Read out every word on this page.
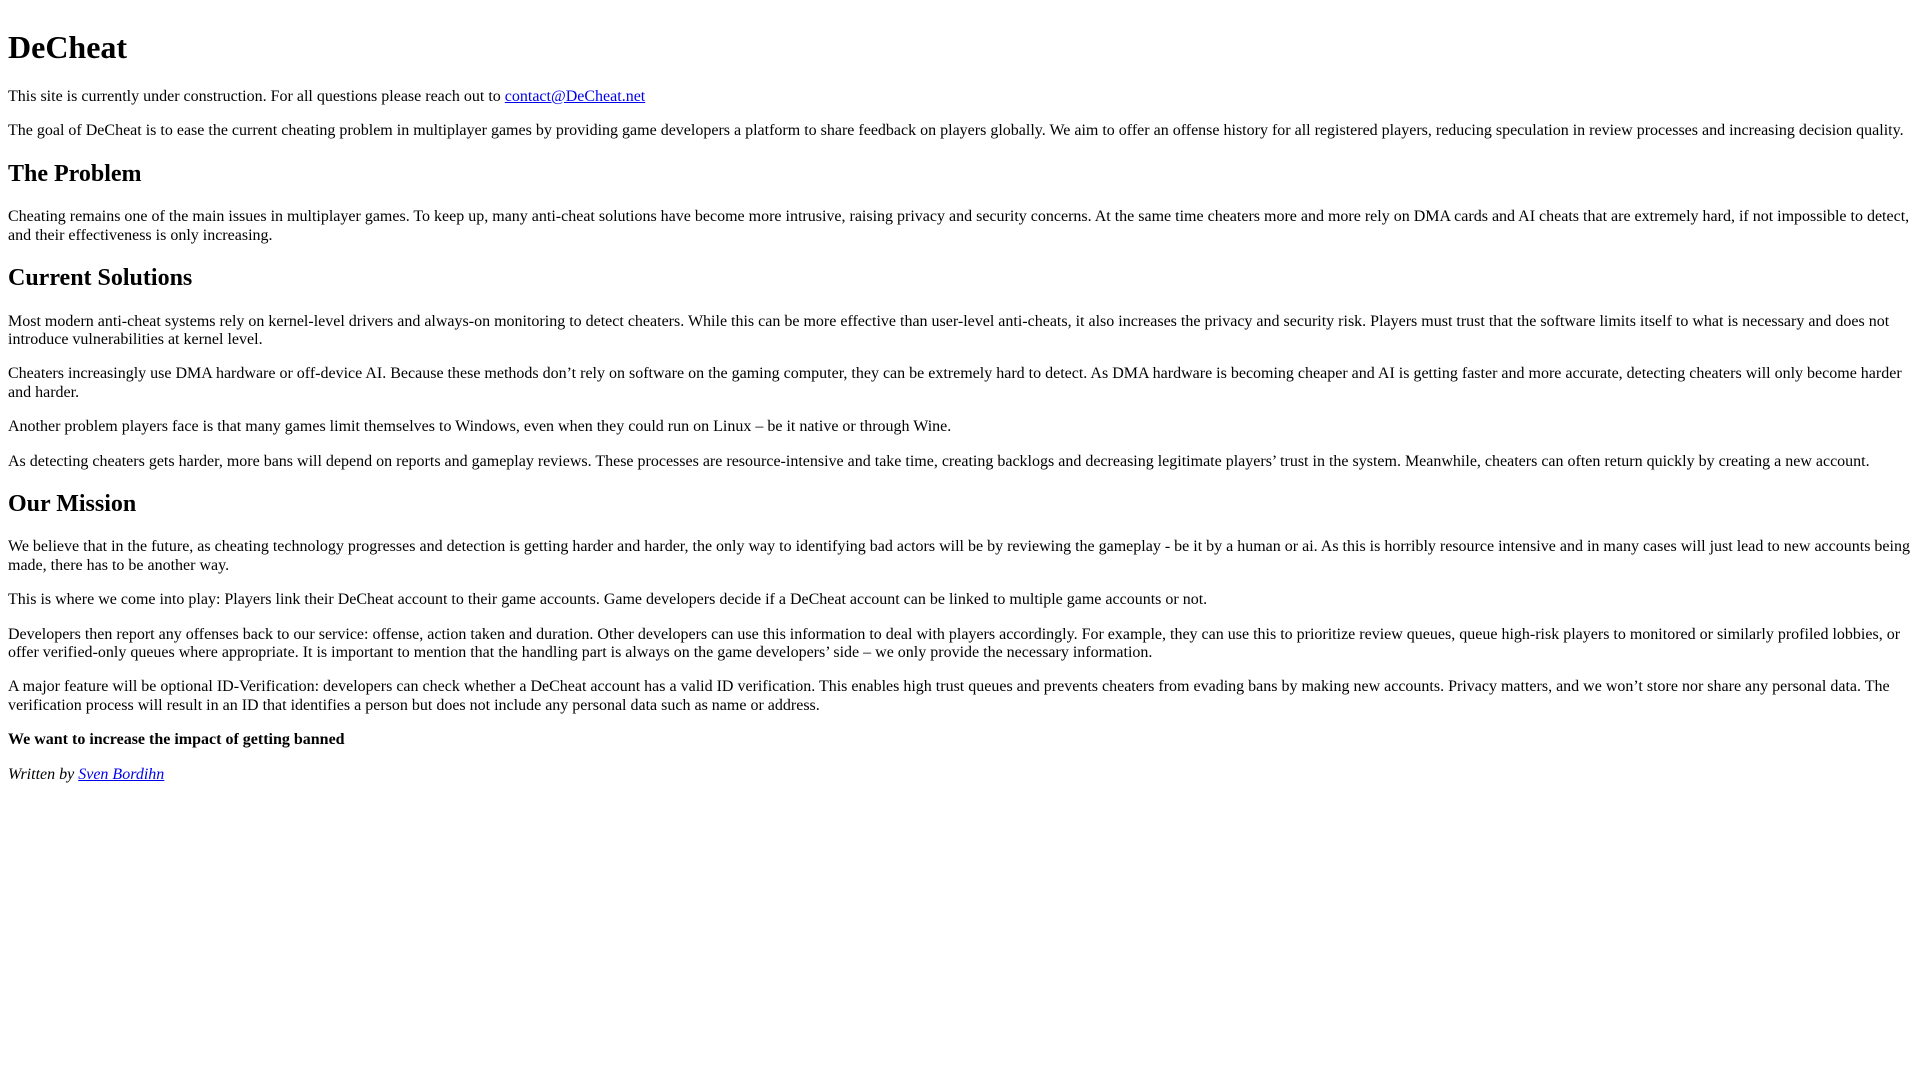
DeCheat

This site is currently under construction. For all questions please reach out to contact@DeCheat.net

The goal of DeCheat is to ease the current cheating problem in multiplayer games by providing game developers a platform to share feedback on players globally. We aim to offer an offense history for all registered players, reducing speculation in review processes and increasing decision quality.

The Problem

Cheating remains one of the main issues in multiplayer games. To keep up, many anti-cheat solutions have become more intrusive, raising privacy and security concerns. At the same time cheaters more and more rely on DMA cards and AI cheats that are extremely hard, if not impossible to detect, and their effectiveness is only increasing.

Current Solutions

Most modern anti-cheat systems rely on kernel-level drivers and always-on monitoring to detect cheaters. While this can be more effective than user-level anti-cheats, it also increases the privacy and security risk. Players must trust that the software limits itself to what is necessary and does not introduce vulnerabilities at kernel level.

Cheaters increasingly use DMA hardware or off-device AI. Because these methods don’t rely on software on the gaming computer, they can be extremely hard to detect. As DMA hardware is becoming cheaper and AI is getting faster and more accurate, detecting cheaters will only become harder and harder.

Another problem players face is that many games limit themselves to Windows, even when they could run on Linux – be it native or through Wine.

As detecting cheaters gets harder, more bans will depend on reports and gameplay reviews. These processes are resource-intensive and take time, creating backlogs and decreasing legitimate players’ trust in the system. Meanwhile, cheaters can often return quickly by creating a new account.

Our Mission

We believe that in the future, as cheating technology progresses and detection is getting harder and harder, the only way to identifying bad actors will be by reviewing the gameplay - be it by a human or ai. As this is horribly resource intensive and in many cases will just lead to new accounts being made, there has to be another way.

This is where we come into play: Players link their DeCheat account to their game accounts. Game developers decide if a DeCheat account can be linked to multiple game accounts or not.

Developers then report any offenses back to our service: offense, action taken and duration. Other developers can use this information to deal with players accordingly. For example, they can use this to prioritize review queues, queue high-risk players to monitored or similarly profiled lobbies, or offer verified-only queues where appropriate. It is important to mention that the handling part is always on the game developers’ side – we only provide the necessary information.

A major feature will be optional ID-Verification: developers can check whether a DeCheat account has a valid ID verification. This enables high trust queues and prevents cheaters from evading bans by making new accounts. Privacy matters, and we won’t store nor share any personal data. The verification process will result in an ID that identifies a person but does not include any personal data such as name or address.

We want to increase the impact of getting banned

Written by Sven Bordihn
